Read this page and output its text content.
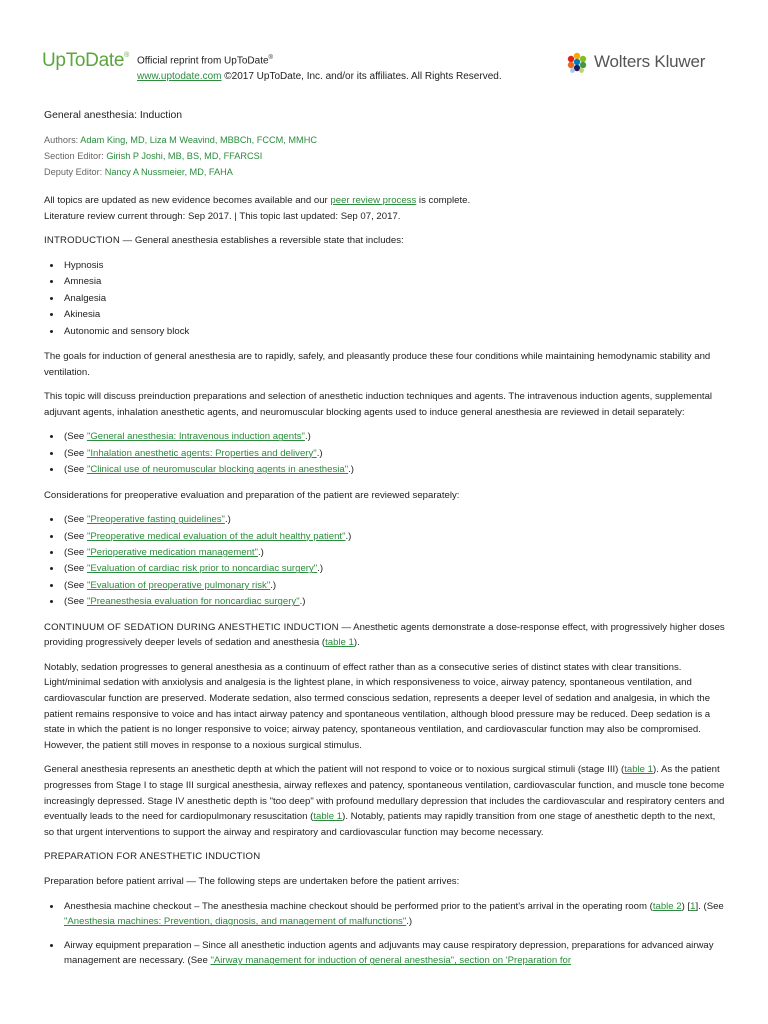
UpToDate® Official reprint from UpToDate®
www.uptodate.com ©2017 UpToDate, Inc. and/or its affiliates. All Rights Reserved.
Wolters Kluwer
General anesthesia: Induction
Authors: Adam King, MD, Liza M Weavind, MBBCh, FCCM, MMHC
Section Editor: Girish P Joshi, MB, BS, MD, FFARCSI
Deputy Editor: Nancy A Nussmeier, MD, FAHA

All topics are updated as new evidence becomes available and our peer review process is complete.
Literature review current through: Sep 2017. | This topic last updated: Sep 07, 2017.

INTRODUCTION — General anesthesia establishes a reversible state that includes:

• Hypnosis
• Amnesia
• Analgesia
• Akinesia
• Autonomic and sensory block

The goals for induction of general anesthesia are to rapidly, safely, and pleasantly produce these four conditions while maintaining hemodynamic stability and ventilation.

This topic will discuss preinduction preparations and selection of anesthetic induction techniques and agents. The intravenous induction agents, supplemental adjuvant agents, inhalation anesthetic agents, and neuromuscular blocking agents used to induce general anesthesia are reviewed in detail separately:

• (See "General anesthesia: Intravenous induction agents".)
• (See "Inhalation anesthetic agents: Properties and delivery".)
• (See "Clinical use of neuromuscular blocking agents in anesthesia".)

Considerations for preoperative evaluation and preparation of the patient are reviewed separately:

• (See "Preoperative fasting guidelines".)
• (See "Preoperative medical evaluation of the adult healthy patient".)
• (See "Perioperative medication management".)
• (See "Evaluation of cardiac risk prior to noncardiac surgery".)
• (See "Evaluation of preoperative pulmonary risk".)
• (See "Preanesthesia evaluation for noncardiac surgery".)

CONTINUUM OF SEDATION DURING ANESTHETIC INDUCTION — Anesthetic agents demonstrate a dose-response effect, with progressively higher doses providing progressively deeper levels of sedation and anesthesia (table 1).

Notably, sedation progresses to general anesthesia as a continuum of effect rather than as a consecutive series of distinct states with clear transitions. Light/minimal sedation with anxiolysis and analgesia is the lightest plane, in which responsiveness to voice, airway patency, spontaneous ventilation, and cardiovascular function are preserved. Moderate sedation, also termed conscious sedation, represents a deeper level of sedation and analgesia, in which the patient remains responsive to voice and has intact airway patency and spontaneous ventilation, although blood pressure may be reduced. Deep sedation is a state in which the patient is no longer responsive to voice; airway patency, spontaneous ventilation, and cardiovascular function may also be compromised. However, the patient still moves in response to a noxious surgical stimulus.

General anesthesia represents an anesthetic depth at which the patient will not respond to voice or to noxious surgical stimuli (stage III) (table 1). As the patient progresses from Stage I to stage III surgical anesthesia, airway reflexes and patency, spontaneous ventilation, cardiovascular function, and muscle tone become increasingly depressed. Stage IV anesthetic depth is "too deep" with profound medullary depression that includes the cardiovascular and respiratory centers and eventually leads to the need for cardiopulmonary resuscitation (table 1). Notably, patients may rapidly transition from one stage of anesthetic depth to the next, so that urgent interventions to support the airway and respiratory and cardiovascular function may become necessary.

PREPARATION FOR ANESTHETIC INDUCTION

Preparation before patient arrival — The following steps are undertaken before the patient arrives:

• Anesthesia machine checkout – The anesthesia machine checkout should be performed prior to the patient's arrival in the operating room (table 2) [1]. (See "Anesthesia machines: Prevention, diagnosis, and management of malfunctions".)
• Airway equipment preparation – Since all anesthetic induction agents and adjuvants may cause respiratory depression, preparations for advanced airway management are necessary. (See "Airway management for induction of general anesthesia", section on 'Preparation for
